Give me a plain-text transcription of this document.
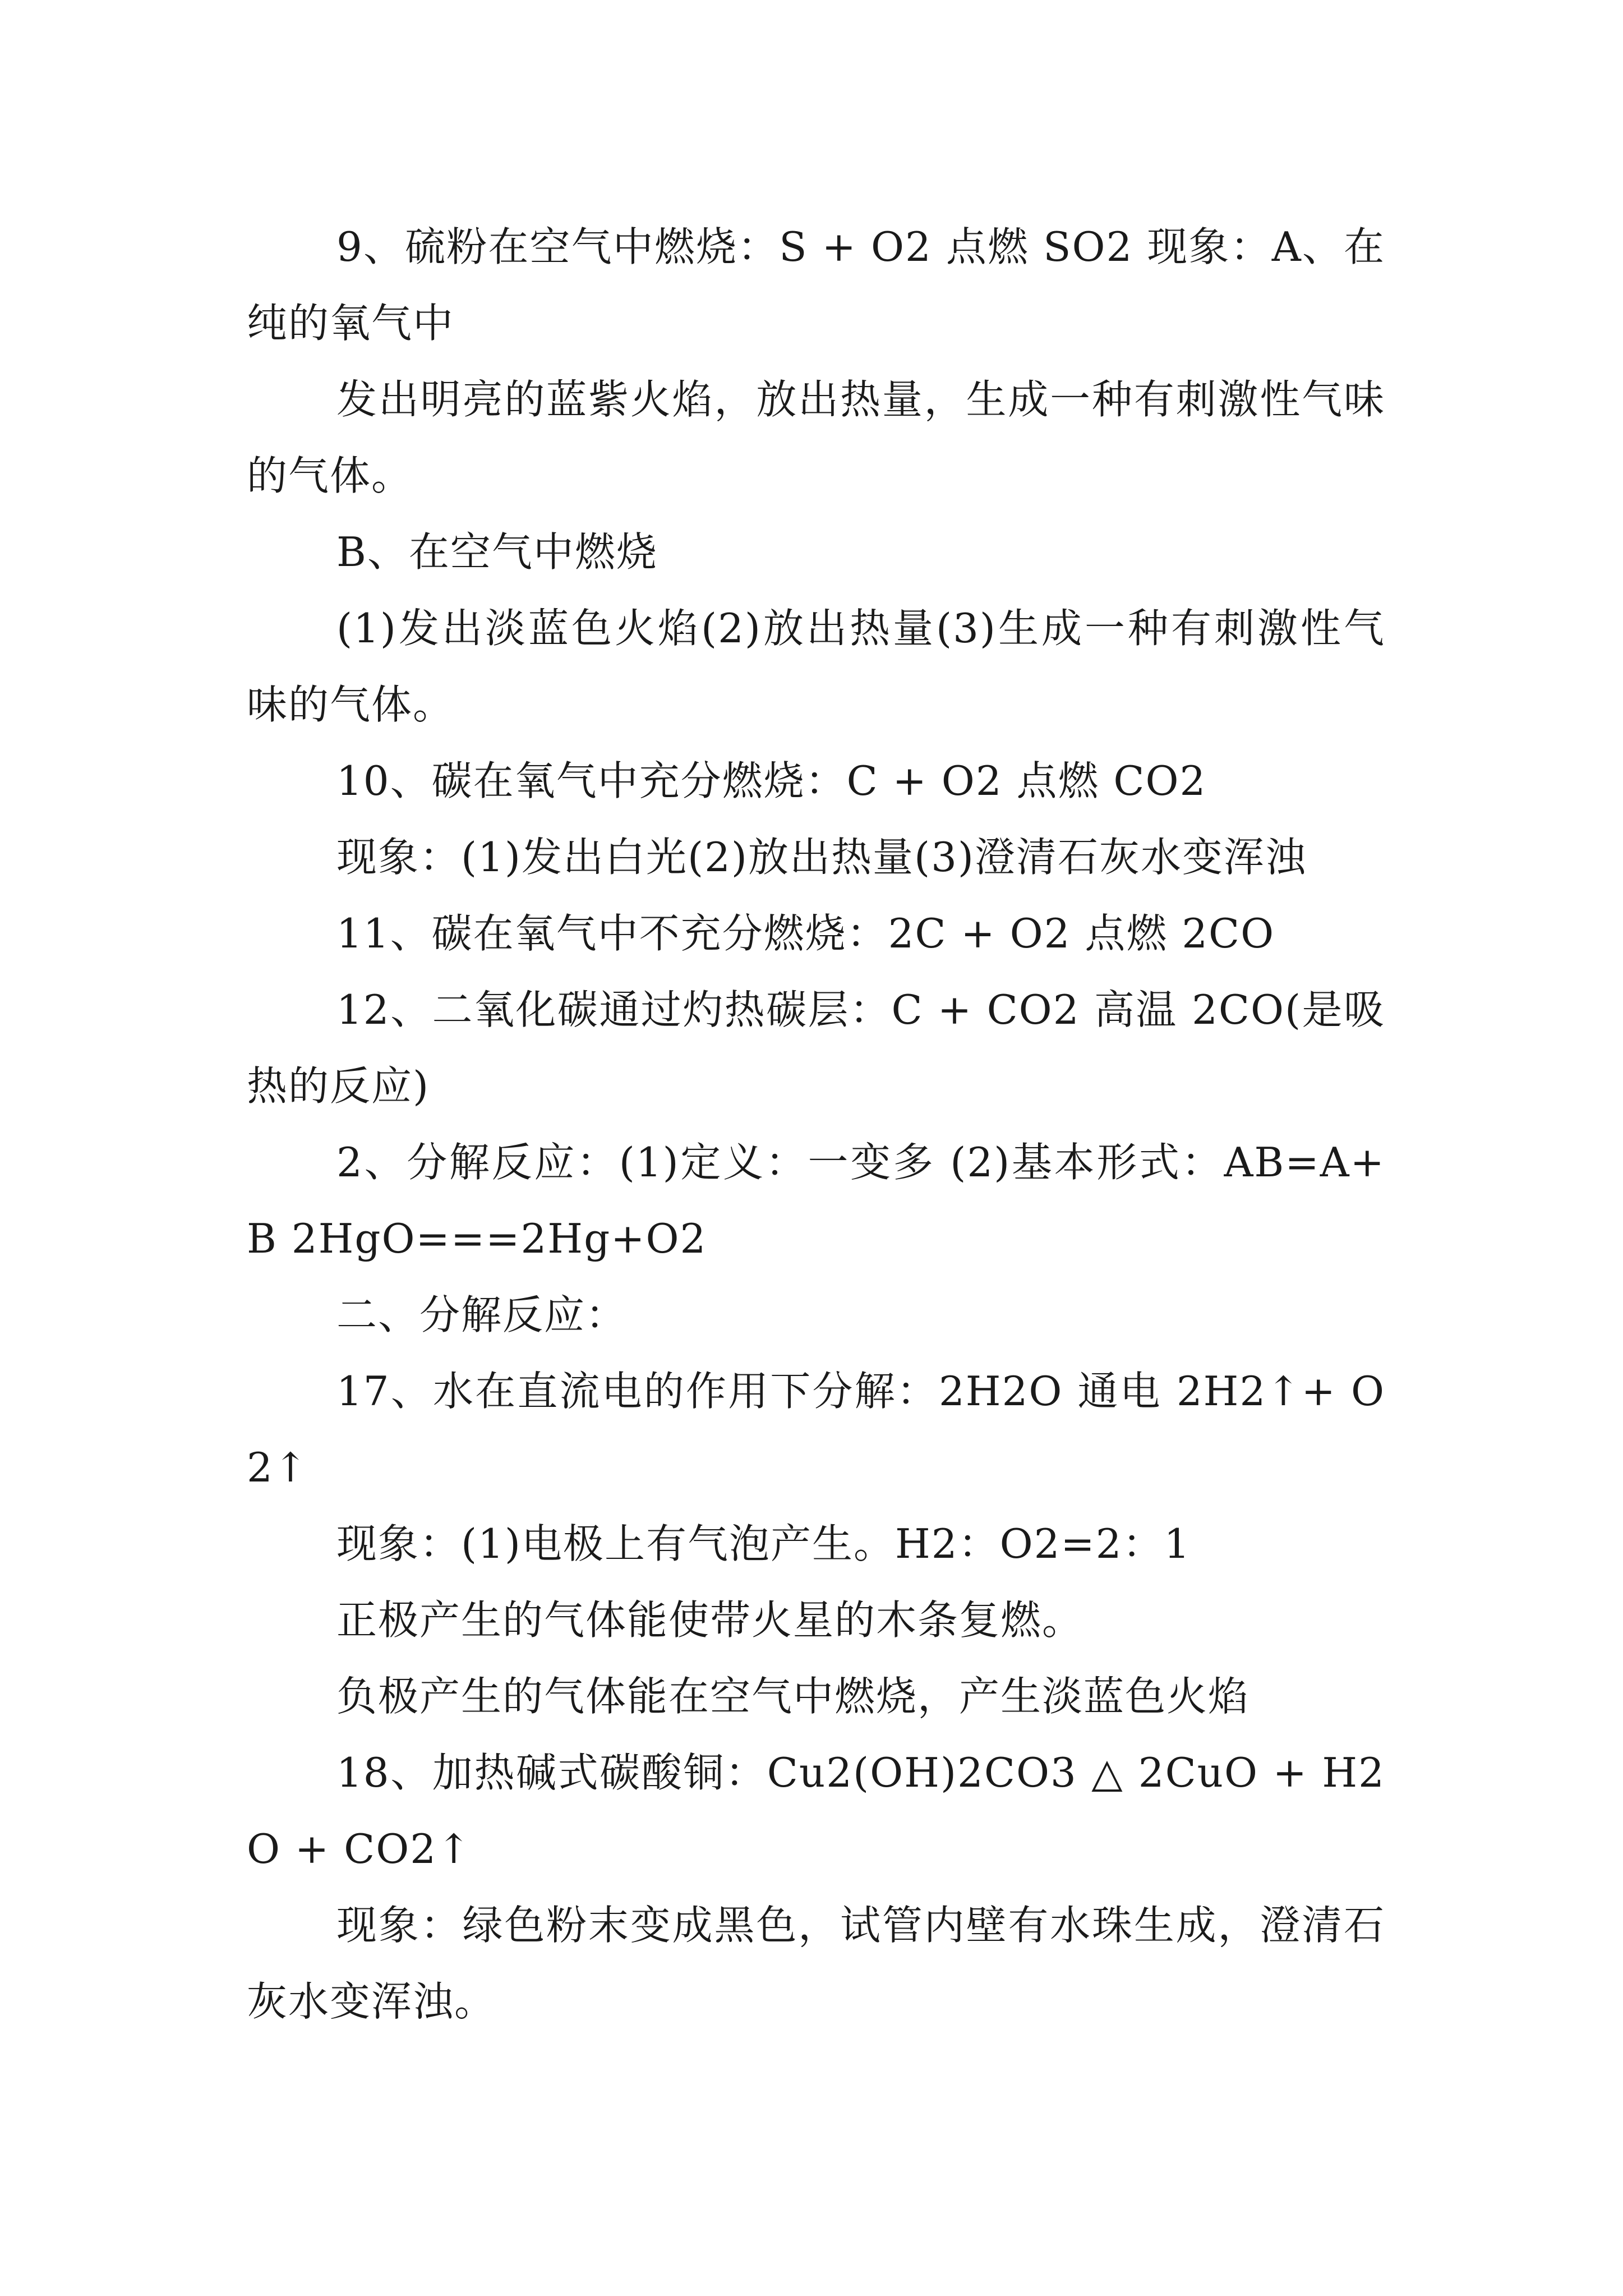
9、硫粉在空气中燃烧：S + O2 点燃 SO2 现象：A、在纯的氧气中

发出明亮的蓝紫火焰，放出热量，生成一种有刺激性气味的气体。

B、在空气中燃烧

(1)发出淡蓝色火焰(2)放出热量(3)生成一种有刺激性气味的气体。

10、碳在氧气中充分燃烧：C + O2 点燃 CO2

现象：(1)发出白光(2)放出热量(3)澄清石灰水变浑浊

11、碳在氧气中不充分燃烧：2C + O2 点燃 2CO

12、二氧化碳通过灼热碳层：C + CO2 高温 2CO(是吸热的反应)

2、分解反应：(1)定义：一变多 (2)基本形式：AB=A+B 2HgO===2Hg+O2

二、分解反应：

17、水在直流电的作用下分解：2H2O 通电 2H2↑+ O2↑

现象：(1)电极上有气泡产生。H2：O2=2：1

正极产生的气体能使带火星的木条复燃。

负极产生的气体能在空气中燃烧，产生淡蓝色火焰

18、加热碱式碳酸铜：Cu2(OH)2CO3 △ 2CuO + H2O + CO2↑

现象：绿色粉末变成黑色，试管内壁有水珠生成，澄清石灰水变浑浊。
